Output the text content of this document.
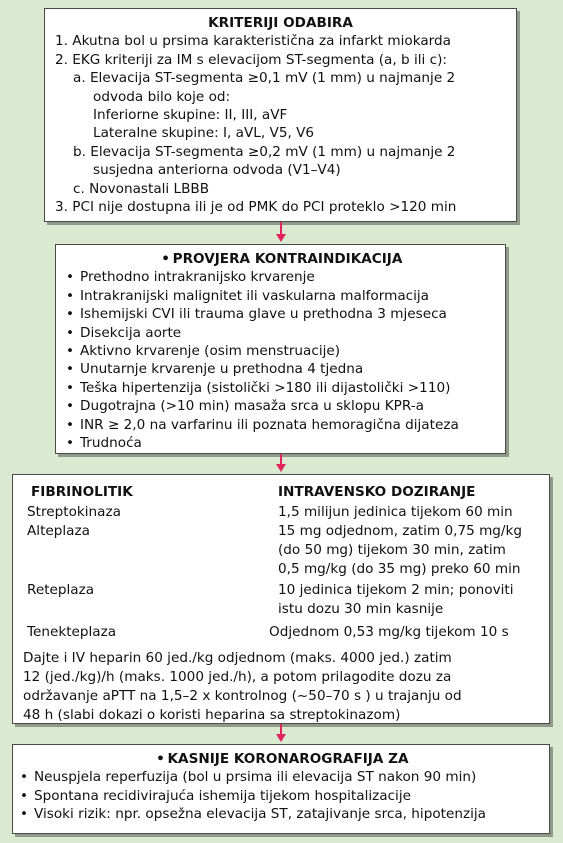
KRITERIJI ODABIRA
1. Akutna bol u prsima karakteristična za infarkt miokarda
2. EKG kriteriji za IM s elevacijom ST-segmenta (a, b ili c):
a. Elevacija ST-segmenta ≥0,1 mV (1 mm) u najmanje 2
odvoda bilo koje od:
Inferiorne skupine: II, III, aVF
Lateralne skupine: I, aVL, V5, V6
b. Elevacija ST-segmenta ≥0,2 mV (1 mm) u najmanje 2
susjedna anteriorna odvoda (V1–V4)
c. Novonastali LBBB
3. PCI nije dostupna ili je od PMK do PCI proteklo >120 min
• PROVJERA KONTRAINDIKACIJA
• Prethodno intrakranijsko krvarenje
• Intrakranijski malignitet ili vaskularna malformacija
• Ishemijski CVI ili trauma glave u prethodna 3 mjeseca
• Disekcija aorte
• Aktivno krvarenje (osim menstruacije)
• Unutarnje krvarenje u prethodna 4 tjedna
• Teška hipertenzija (sistolički >180 ili dijastolički >110)
• Dugotrajna (>10 min) masaža srca u sklopu KPR-a
• INR ≥ 2,0 na varfarinu ili poznata hemoragična dijateza
• Trudnoća
FIBRINOLITIK	INTRAVENSKO DOZIRANJE
Streptokinaza	1,5 milijun jedinica tijekom 60 min
Alteplaza	15 mg odjednom, zatim 0,75 mg/kg
(do 50 mg) tijekom 30 min, zatim
0,5 mg/kg (do 35 mg) preko 60 min
Reteplaza	10 jedinica tijekom 2 min; ponoviti
istu dozu 30 min kasnije
Tenekteplaza	Odjednom 0,53 mg/kg tijekom 10 s
Dajte i IV heparin 60 jed./kg odjednom (maks. 4000 jed.) zatim
12 (jed./kg)/h (maks. 1000 jed./h), a potom prilagodite dozu za
održavanje aPTT na 1,5–2 x kontrolnog (~50–70 s ) u trajanju od
48 h (slabi dokazi o koristi heparina sa streptokinazom)
• KASNIJE KORONAROGRAFIJA ZA
• Neuspjela reperfuzija (bol u prsima ili elevacija ST nakon 90 min)
• Spontana recidivirajuća ishemija tijekom hospitalizacije
• Visoki rizik: npr. opsežna elevacija ST, zatajivanje srca, hipotenzija
